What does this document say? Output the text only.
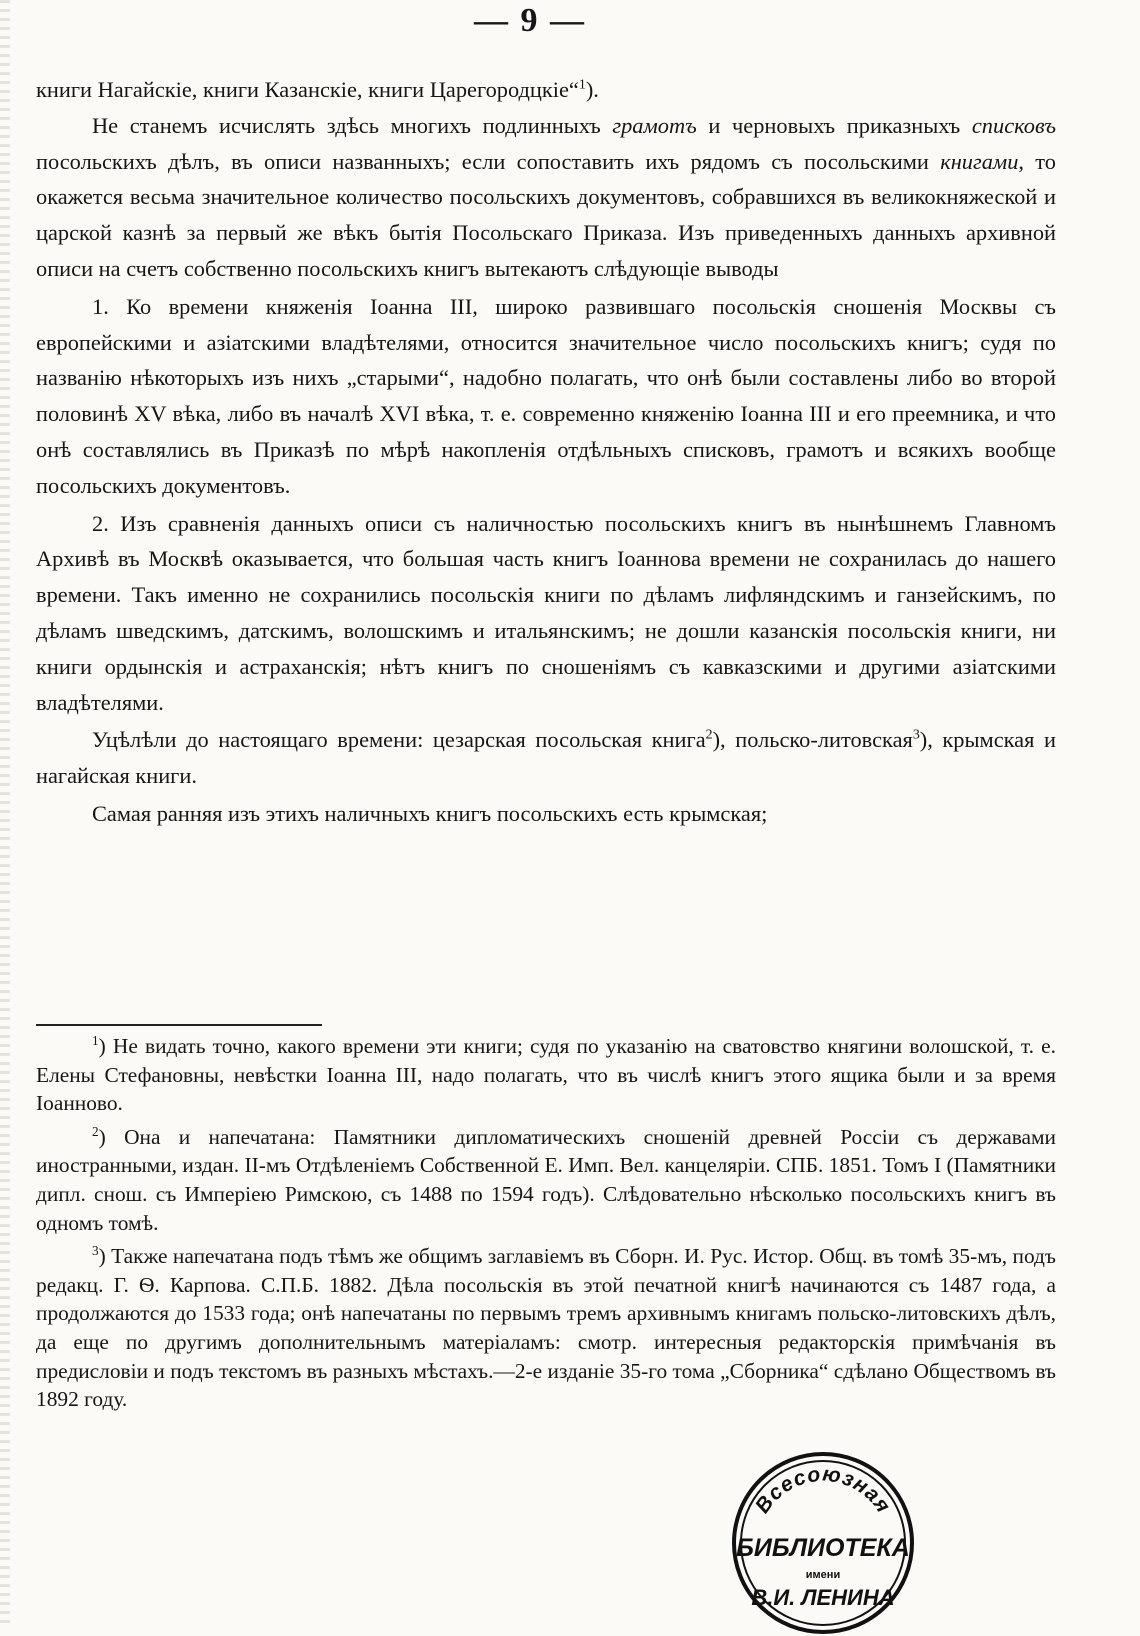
— 9 —

книги Нагайскіе, книги Казанскіе, книги Царегородцкіе“$^1$).

Не станемъ исчислять здѣсь многихъ подлинныхъ грамотъ и черновыхъ приказныхъ списковъ посольскихъ дѣлъ, въ описи названныхъ; если сопоставить ихъ рядомъ съ посольскими книгами, то окажется весьма значительное количество посольскихъ документовъ, собравшихся въ великокняжеской и царской казнѣ за первый же вѣкъ бытія Посольскаго Приказа. Изъ приведенныхъ данныхъ архивной описи на счетъ собственно посольскихъ книгъ вытекаютъ слѣдующіе выводы

1. Ко времени княженія Іоанна III, широко развившаго посольскія сношенія Москвы съ европейскими и азіатскими владѣтелями, относится значительное число посольскихъ книгъ; судя по названію нѣкоторыхъ изъ нихъ „старыми“, надобно полагать, что онѣ были составлены либо во второй половинѣ XV вѣка, либо въ началѣ XVI вѣка, т. е. современно княженію Іоанна III и его преемника, и что онѣ составлялись въ Приказѣ по мѣрѣ накопленія отдѣльныхъ списковъ, грамотъ и всякихъ вообще посольскихъ документовъ.

2. Изъ сравненія данныхъ описи съ наличностью посольскихъ книгъ въ нынѣшнемъ Главномъ Архивѣ въ Москвѣ оказывается, что большая часть книгъ Іоаннова времени не сохранилась до нашего времени. Такъ именно не сохранились посольскія книги по дѣламъ лифляндскимъ и ганзейскимъ, по дѣламъ шведскимъ, датскимъ, волошскимъ и итальянскимъ; не дошли казанскія посольскія книги, ни книги ордынскія и астраханскія; нѣтъ книгъ по сношеніямъ съ кавказскими и другими азіатскими владѣтелями.

Уцѣлѣли до настоящаго времени: цезарская посольская книга$^2$), польско-литовская$^3$), крымская и нагайская книги.

Самая ранняя изъ этихъ наличныхъ книгъ посольскихъ есть крымская;

$^1$) Не видать точно, какого времени эти книги; судя по указанію на сватовство княгини волошской, т. е. Елены Стефановны, невѣстки Іоанна III, надо полагать, что въ числѣ книгъ этого ящика были и за время Іоанново.

$^2$) Она и напечатана: Памятники дипломатическихъ сношеній древней Россіи съ державами иностранными, издан. II-мъ Отдѣленіемъ Собственной Е. Имп. Вел. канцеляріи. СПБ. 1851. Томъ I (Памятники дипл. снош. съ Имперіею Римскою, съ 1488 по 1594 годъ). Слѣдовательно нѣсколько посольскихъ книгъ въ одномъ томѣ.

$^3$) Также напечатана подъ тѣмъ же общимъ заглавіемъ въ Сборн. И. Рус. Истор. Общ. въ томѣ 35-мъ, подъ редакц. Г. Ѳ. Карпова. С.П.Б. 1882. Дѣла посольскія въ этой печатной книгѣ начинаются съ 1487 года, а продолжаются до 1533 года; онѣ напечатаны по первымъ тремъ архивнымъ книгамъ польско-литовскихъ дѣлъ, да еще по другимъ дополнительнымъ матеріаламъ: смотр. интересныя редакторскія примѣчанія въ предисловіи и подъ текстомъ въ разныхъ мѣстахъ.—2-е изданіе 35-го тома „Сборника“ сдѣлано Обществомъ въ 1892 году.

Всесоюзная
БИБЛИОТЕКА
имени
В.И. ЛЕНИНА
